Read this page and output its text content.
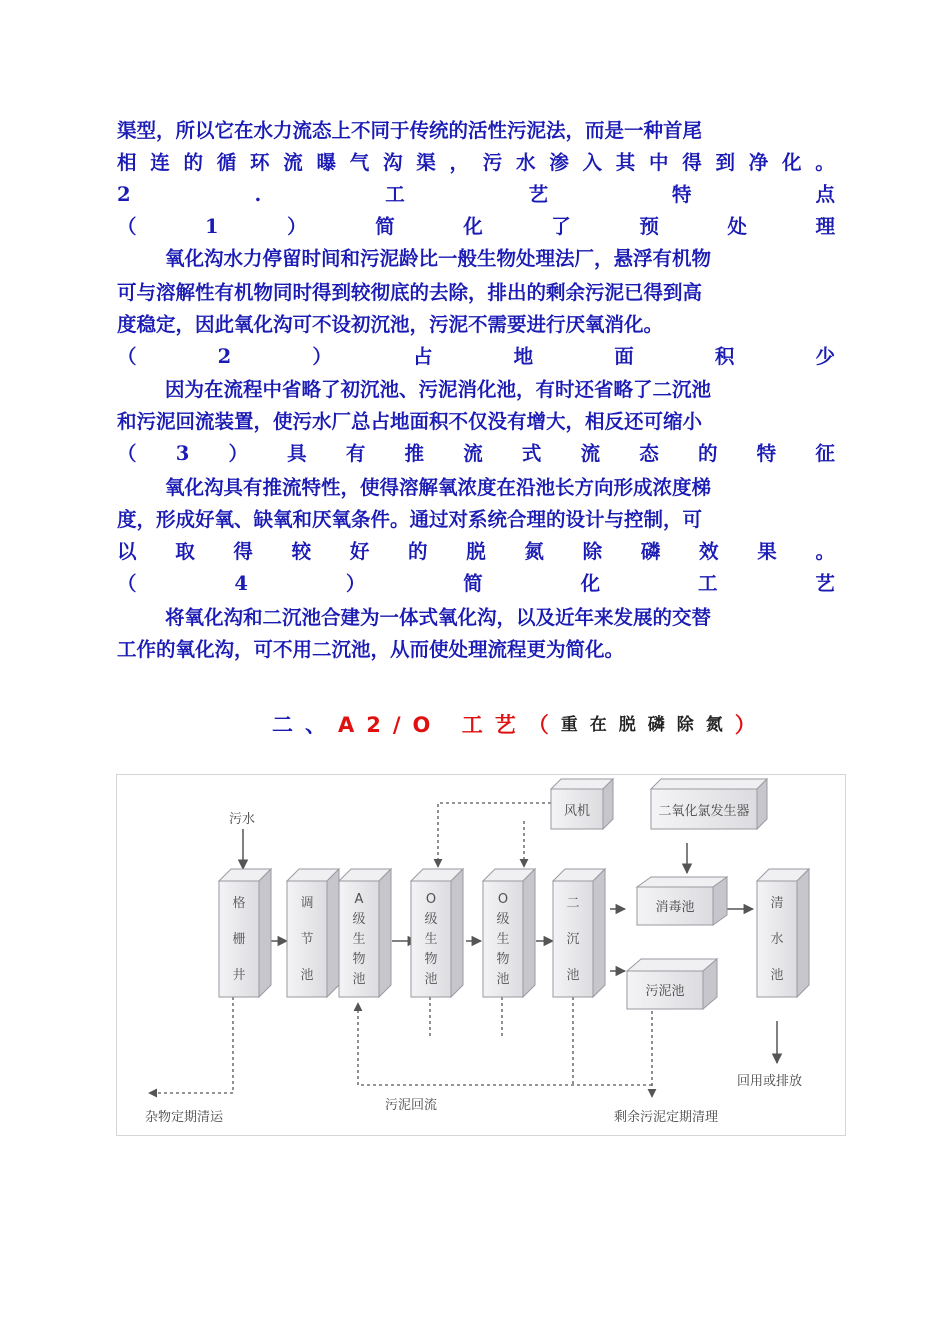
渠型，所以它在水力流态上不同于传统的活性污泥法，而是一种首尾
相 连 的 循 环 流 曝 气 沟 渠 ， 污 水 渗 入 其 中 得 到 净 化 。
2	.	工	艺	特	点
（	1	）	简	化	了	预	处	理
氧化沟水力停留时间和污泥龄比一般生物处理法厂，悬浮有机物
可与溶解性有机物同时得到较彻底的去除，排出的剩余污泥已得到高
度稳定，因此氧化沟可不设初沉池，污泥不需要进行厌氧消化。
（	2	）	占	地	面	积	少
因为在流程中省略了初沉池、污泥消化池，有时还省略了二沉池
和污泥回流装置，使污水厂总占地面积不仅没有增大，相反还可缩小
（ 3 ） 具 有 推 流 式 流 态 的 特 征
氧化沟具有推流特性，使得溶解氧浓度在沿池长方向形成浓度梯
度，形成好氧、缺氧和厌氧条件。通过对系统合理的设计与控制，可
以 取 得 较 好 的 脱 氮 除 磷 效 果 。
（	4	）	简	化	工	艺
将氧化沟和二沉池合建为一体式氧化沟，以及近年来发展的交替
工作的氧化沟，可不用二沉池，从而使处理流程更为简化。
二、 A2/O 工艺 （ 重在脱磷除氮 ）
格
栅
井
调
节
池
A
级
生
物
池
O
级
生
物
池
O
级
生
物
池
二
沉
池
清
水
池
污水
风机	二氧化氯发生器
消毒池
污泥池
杂物定期清运
污泥回流
剩余污泥定期清理
回用或排放
